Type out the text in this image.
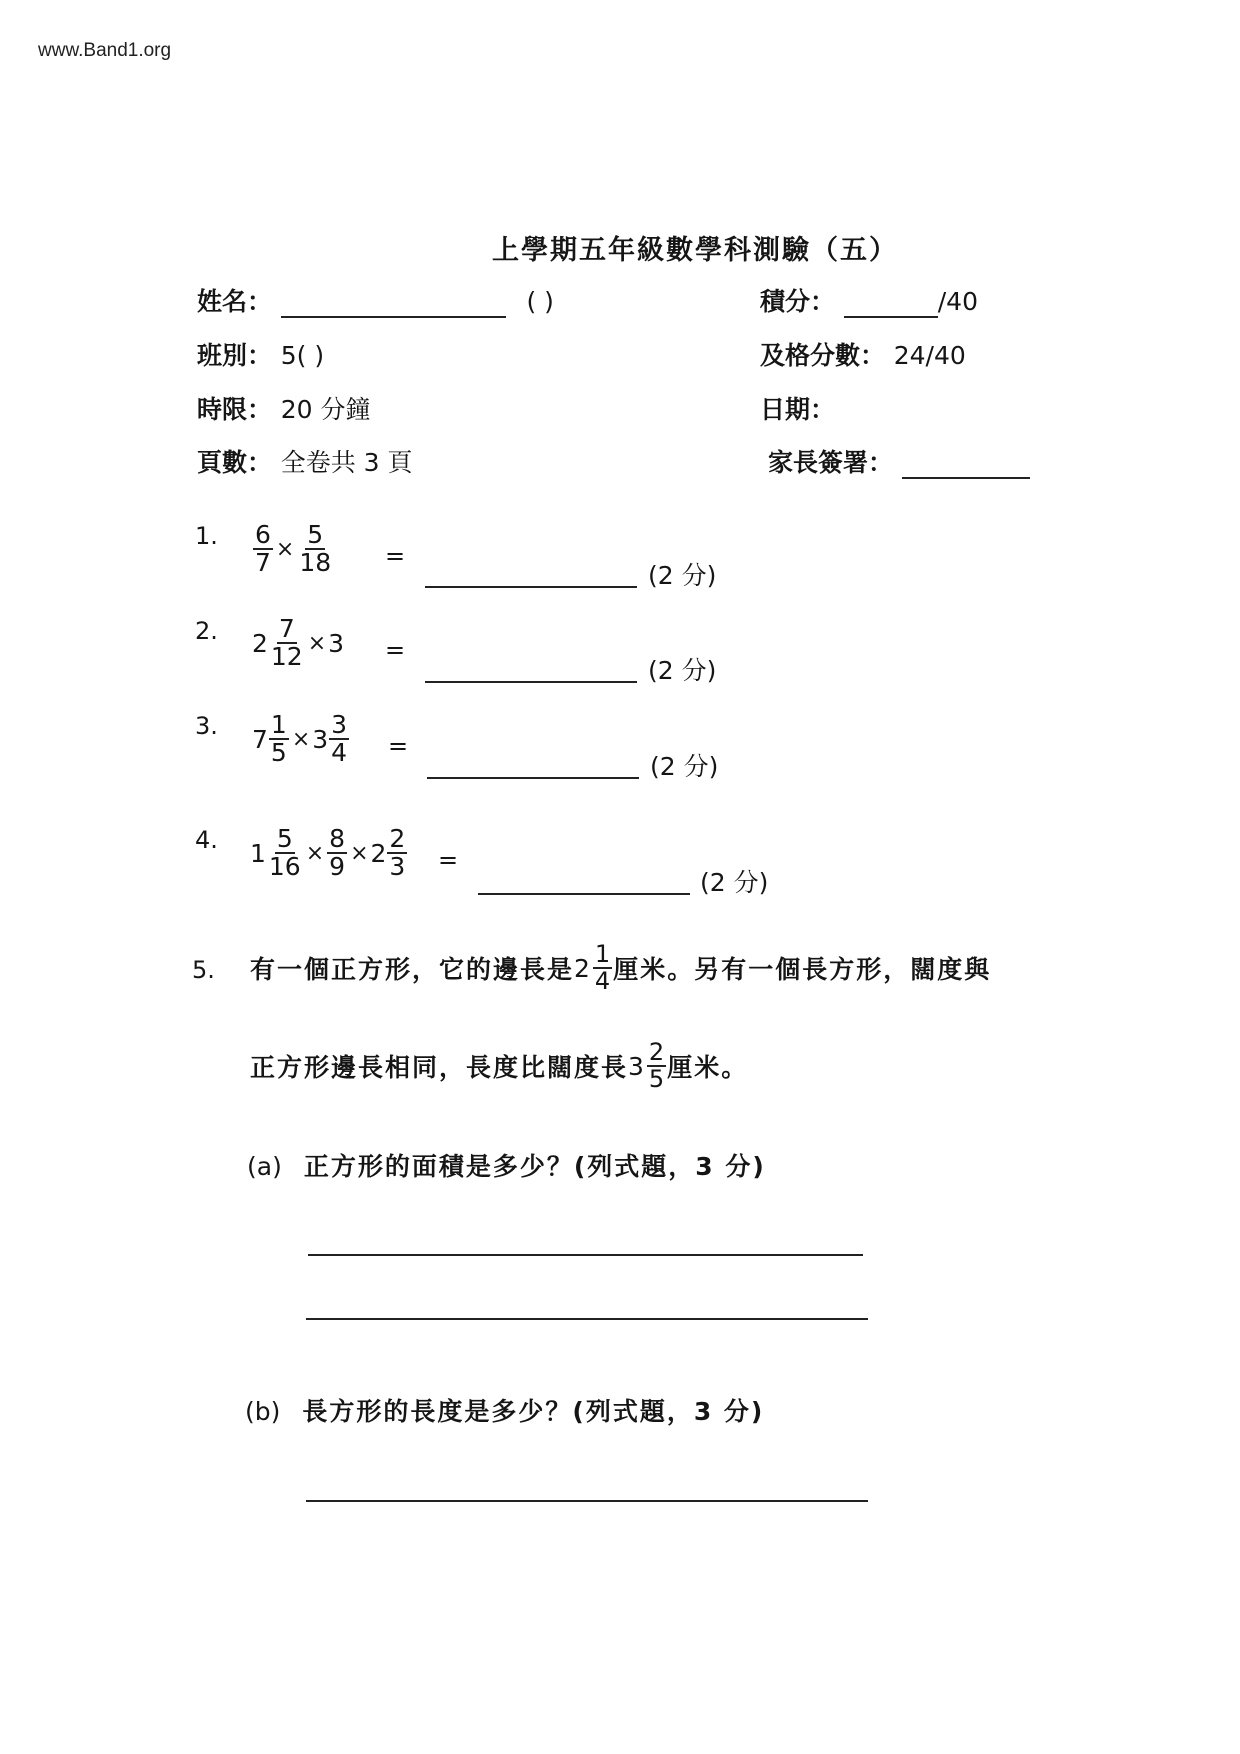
www.Band1.org
上學期五年級數學科測驗（五）
姓名：	( )	積分：	/40
班別： 5( )	及格分數： 24/40
時限： 20 分鐘	日期：
頁數： 全卷共 3 頁	家長簽署：
1. $\frac{6}{7} \times \frac{5}{18}$ =
(2 分)
2. $2 \frac{7}{12} \times 3$ =
(2 分)
3. $7 \frac{1}{5} \times 3 \frac{3}{4}$ =
(2 分)
4. $1 \frac{5}{16} \times \frac{8}{9} \times 2 \frac{2}{3}$ =
(2 分)
5. 有一個正方形，它的邊長是 $2 \frac{1}{4}$ 厘米。另有一個長方形，闊度與
正方形邊長相同，長度比闊度長 $3 \frac{2}{5}$ 厘米。
(a) 正方形的面積是多少？(列式題，3 分)
(b) 長方形的長度是多少？(列式題，3 分)
